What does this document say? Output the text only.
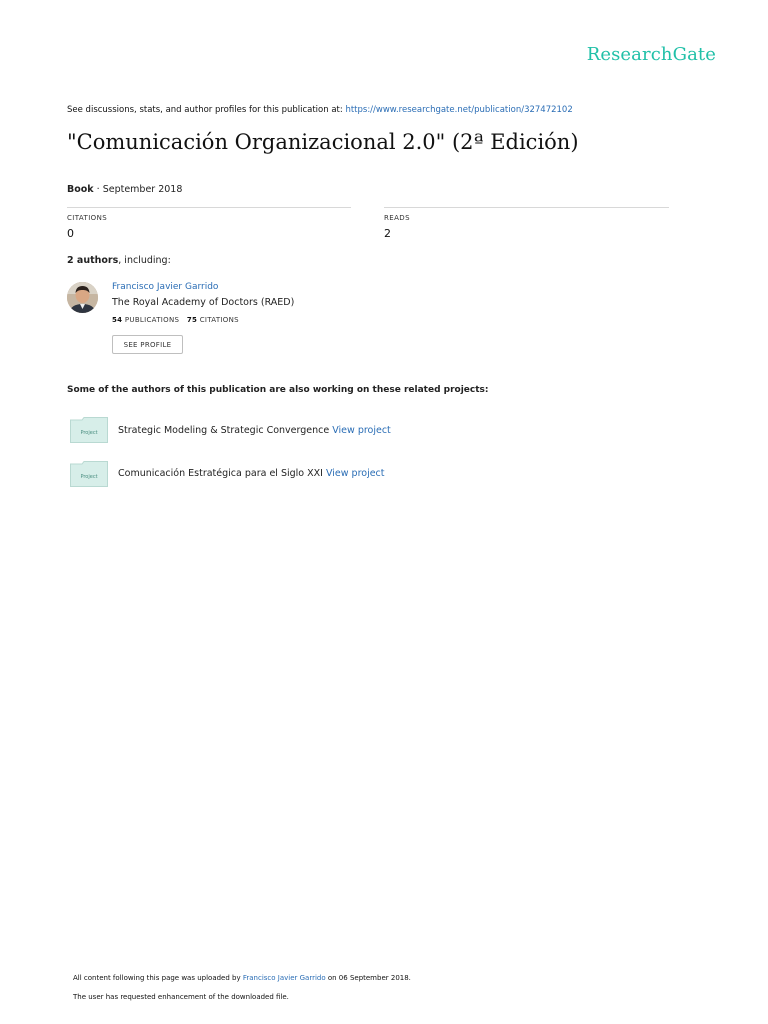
ResearchGate
See discussions, stats, and author profiles for this publication at: https://www.researchgate.net/publication/327472102
"Comunicación Organizacional 2.0" (2ª Edición)
Book · September 2018
CITATIONS
0
READS
2
2 authors, including:
Francisco Javier Garrido
The Royal Academy of Doctors (RAED)
54 PUBLICATIONS 75 CITATIONS
SEE PROFILE
Some of the authors of this publication are also working on these related projects:
Project Strategic Modeling & Strategic Convergence View project
Project Comunicación Estratégica para el Siglo XXI View project
All content following this page was uploaded by Francisco Javier Garrido on 06 September 2018.
The user has requested enhancement of the downloaded file.
